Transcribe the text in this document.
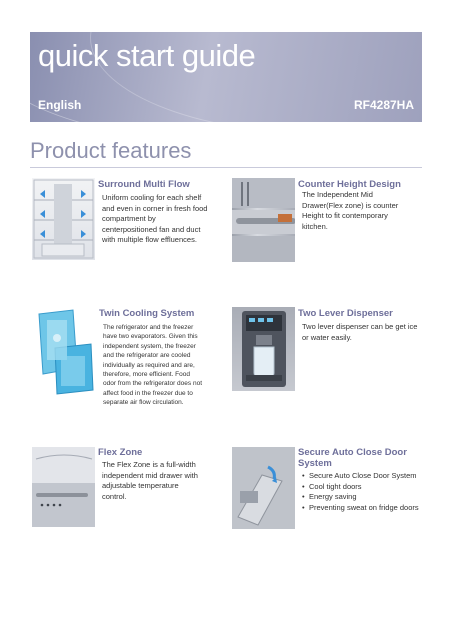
quick start guide
English	RF4287HA
Product features
Surround Multi Flow
Uniform cooling for each shelf and even in corner in fresh food compartment by centerpositioned fan and duct with multiple flow effluences.
Counter Height Design
The Independent Mid Drawer(Flex zone) is counter Height to fit contemporary kitchen.
Twin Cooling System
The refrigerator and the freezer have two evaporators. Given this independent system, the freezer and the refrigerator are cooled individually as required and are, therefore, more efficient. Food odor from the refrigerator does not affect food in the freezer due to separate air flow circulation.
Two Lever Dispenser
Two lever dispenser can be get ice or water easily.
Flex Zone
The Flex Zone is a full-width independent mid drawer with adjustable temperature control.
Secure Auto Close Door System
• Secure Auto Close Door System
• Cool tight doors
• Energy saving
• Preventing sweat on fridge doors
